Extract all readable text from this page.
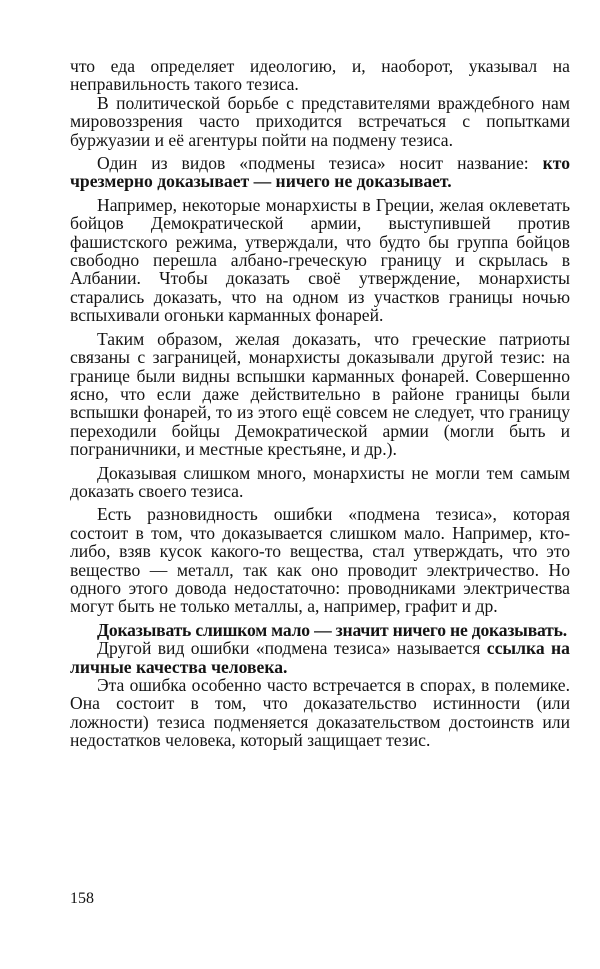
что еда определяет идеологию, и, наоборот, указывал на неправильность такого тезиса.

В политической борьбе с представителями враждебного нам мировоззрения часто приходится встречаться с попытками буржуазии и её агентуры пойти на подмену тезиса.

Один из видов «подмены тезиса» носит название: кто чрезмерно доказывает — ничего не доказывает.

Например, некоторые монархисты в Греции, желая оклеветать бойцов Демократической армии, выступившей против фашистского режима, утверждали, что будто бы группа бойцов свободно перешла албано-греческую границу и скрылась в Албании. Чтобы доказать своё утверждение, монархисты старались доказать, что на одном из участков границы ночью вспыхивали огоньки карманных фонарей.

Таким образом, желая доказать, что греческие патриоты связаны с заграницей, монархисты доказывали другой тезис: на границе были видны вспышки карманных фонарей. Совершенно ясно, что если даже действительно в районе границы были вспышки фонарей, то из этого ещё совсем не следует, что границу переходили бойцы Демократической армии (могли быть и пограничники, и местные крестьяне, и др.).

Доказывая слишком много, монархисты не могли тем самым доказать своего тезиса.

Есть разновидность ошибки «подмена тезиса», которая состоит в том, что доказывается слишком мало. Например, кто-либо, взяв кусок какого-то вещества, стал утверждать, что это вещество — металл, так как оно проводит электричество. Но одного этого довода недостаточно: проводниками электричества могут быть не только металлы, а, например, графит и др.

Доказывать слишком мало — значит ничего не доказывать.

Другой вид ошибки «подмена тезиса» называется ссылка на личные качества человека.

Эта ошибка особенно часто встречается в спорах, в полемике. Она состоит в том, что доказательство истинности (или ложности) тезиса подменяется доказательством достоинств или недостатков человека, который защищает тезис.

158
